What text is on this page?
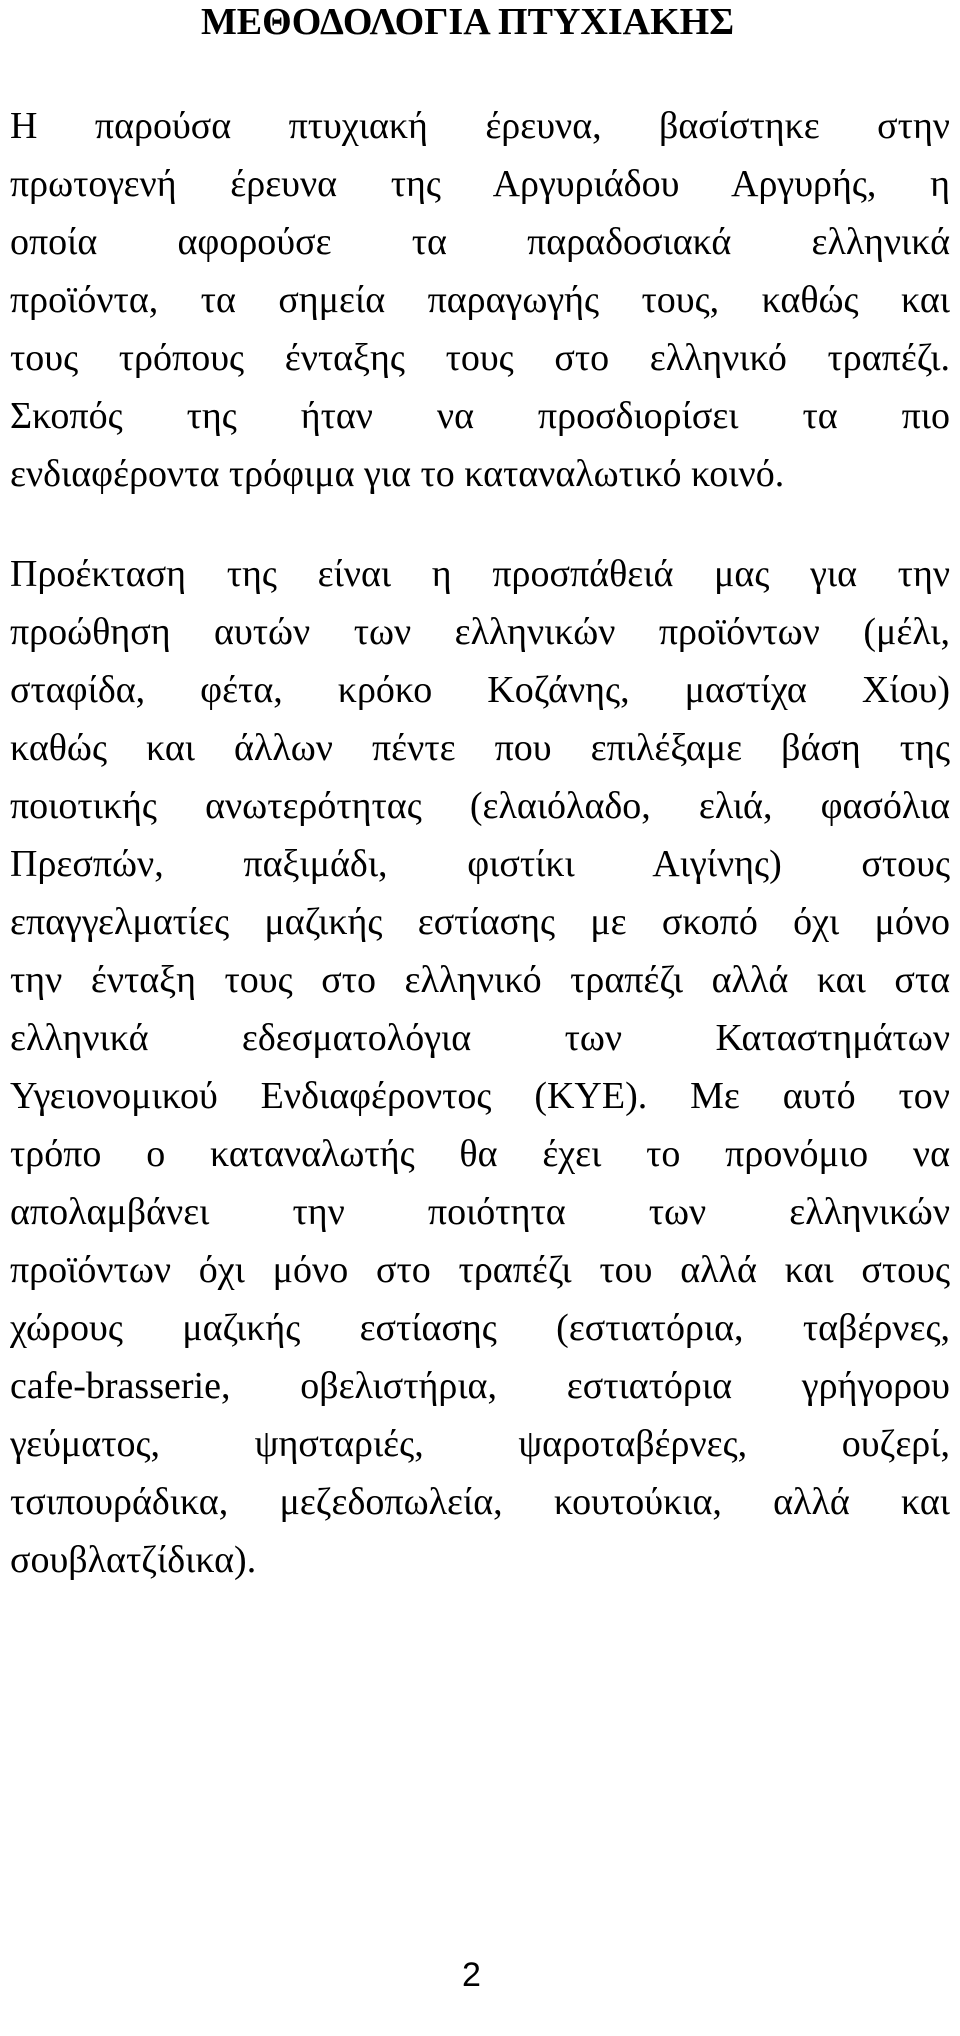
ΜΕΘΟΔΟΛΟΓΙΑ ΠΤΥΧΙΑΚΗΣ
Η παρούσα πτυχιακή έρευνα, βασίστηκε στην
πρωτογενή έρευνα της Αργυριάδου Αργυρής, η
οποία αφορούσε τα παραδοσιακά ελληνικά
προϊόντα, τα σημεία παραγωγής τους, καθώς και
τους τρόπους ένταξης τους στο ελληνικό τραπέζι.
Σκοπός της ήταν να προσδιορίσει τα πιο
ενδιαφέροντα τρόφιμα για το καταναλωτικό κοινό.
Προέκταση της είναι η προσπάθειά μας για την
προώθηση αυτών των ελληνικών προϊόντων (μέλι,
σταφίδα, φέτα, κρόκο Κοζάνης, μαστίχα Χίου)
καθώς και άλλων πέντε που επιλέξαμε βάση της
ποιοτικής ανωτερότητας (ελαιόλαδο, ελιά, φασόλια
Πρεσπών, παξιμάδι, φιστίκι Αιγίνης) στους
επαγγελματίες μαζικής εστίασης με σκοπό όχι μόνο
την ένταξη τους στο ελληνικό τραπέζι αλλά και στα
ελληνικά εδεσματολόγια των Καταστημάτων
Υγειονομικού Ενδιαφέροντος (ΚΥΕ). Με αυτό τον
τρόπο ο καταναλωτής θα έχει το προνόμιο να
απολαμβάνει την ποιότητα των ελληνικών
προϊόντων όχι μόνο στο τραπέζι του αλλά και στους
χώρους μαζικής εστίασης (εστιατόρια, ταβέρνες,
cafe-brasserie, οβελιστήρια, εστιατόρια γρήγορου
γεύματος, ψησταριές, ψαροταβέρνες, ουζερί,
τσιπουράδικα, μεζεδοπωλεία, κουτούκια, αλλά και
σουβλατζίδικα).
2
